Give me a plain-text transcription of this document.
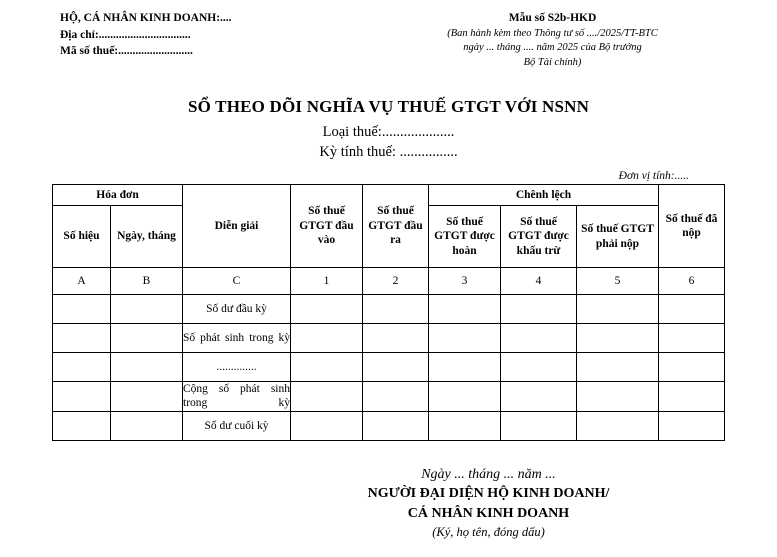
HỘ, CÁ NHÂN KINH DOANH:....
Địa chỉ:................................
Mã số thuế:..........................
Mẫu số S2b-HKD
(Ban hành kèm theo Thông tư số ..../2025/TT-BTC
ngày ... tháng .... năm 2025 của Bộ trưởng
Bộ Tài chính)
SỔ THEO DÕI NGHĨA VỤ THUẾ GTGT VỚI NSNN
Loại thuế:....................
Kỳ tính thuế: ................
Đơn vị tính:.....
Hóa đơn		Diễn giải	Số thuế GTGT đầu vào	Số thuế GTGT đầu ra	Chênh lệch			Số thuế đã nộp
Số hiệu	Ngày, tháng				Số thuế GTGT được hoàn	Số thuế GTGT được khấu trừ	Số thuế GTGT phải nộp	
A	B	C	1	2	3	4	5	6
		Số dư đầu kỳ						
		Số phát sinh trong kỳ						
		..............						
		Cộng số phát sinh trong kỳ						
		Số dư cuối kỳ						
Ngày ... tháng ... năm ...
NGƯỜI ĐẠI DIỆN HỘ KINH DOANH/
CÁ NHÂN KINH DOANH
(Ký, họ tên, đóng dấu)
